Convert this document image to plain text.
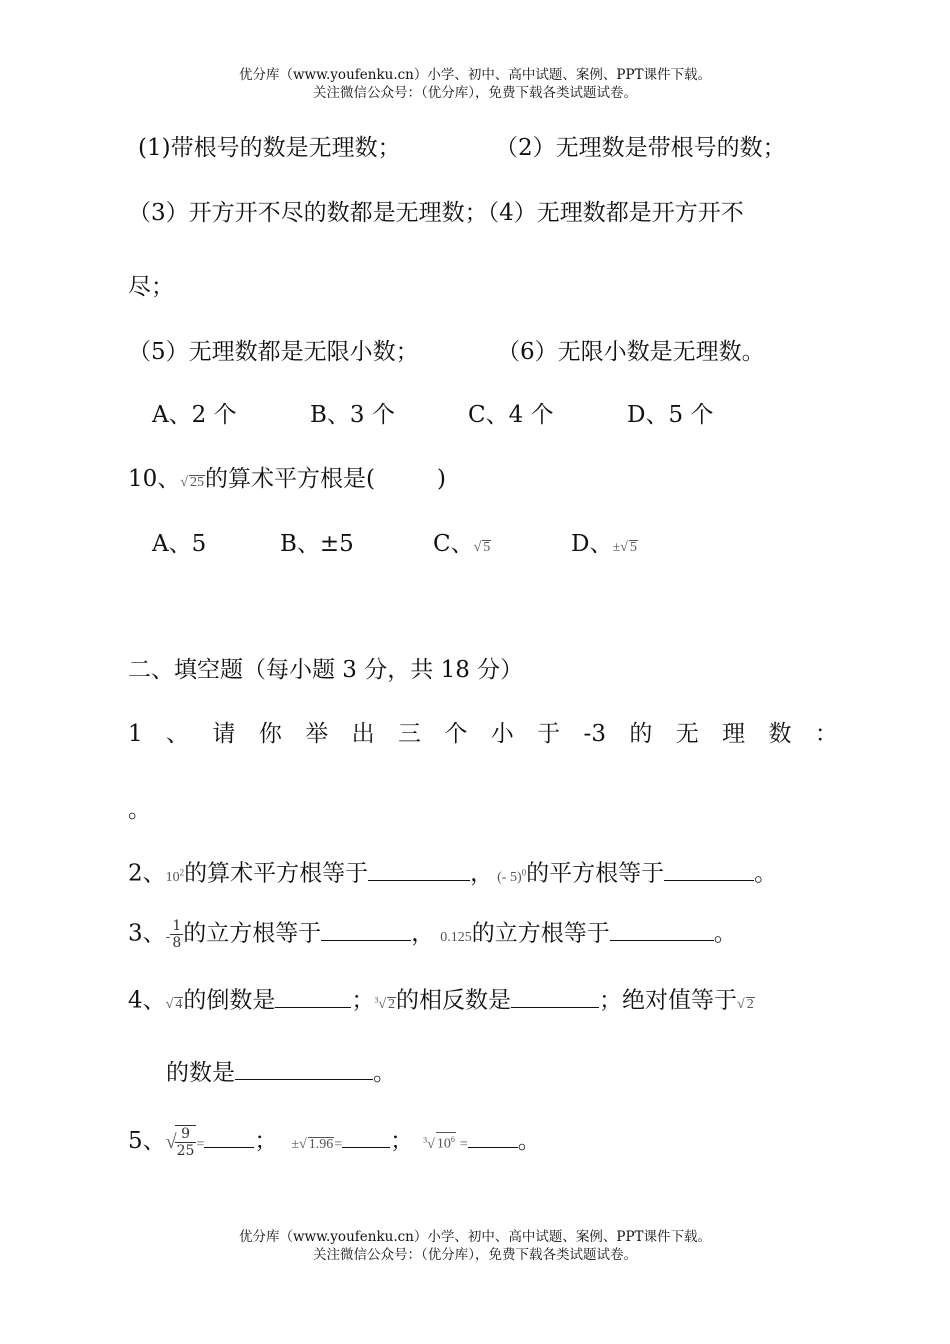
优分库（www.youfenku.cn）小学、初中、高中试题、案例、PPT课件下载。
关注微信公众号：（优分库），免费下载各类试题试卷。
(1)带根号的数是无理数；	（2）无理数是带根号的数；
（3）开方开不尽的数都是无理数；（4）无理数都是开方开不
尽；
（5）无理数都是无限小数；	（6）无限小数是无理数。
A、2 个	B、3 个	C、4 个	D、5 个
10、√ 25的算术平方根是(	)
A、5	B、±5	C、√ 5	D、±√ 5
二、填空题（每小题 3 分，共 18 分）
1 、 请 你 举 出 三 个 小 于 -3 的 无 理 数 ：
。
2、$10^2$的算术平方根等于	， (- 5)$^0$的平方根等于	。
3、- $\frac{1}{8}$ 的立方根等于	， 0.125的立方根等于	。
4、√ 4的倒数是	；$^3$√ 2的相反数是	；绝对值等于√ 2
的数是	。
5、√
$\frac{9}{25}$ = ； ±√ 1.96= ； $^3$√ $10^6$ = 。
优分库（www.youfenku.cn）小学、初中、高中试题、案例、PPT课件下载。
关注微信公众号：（优分库），免费下载各类试题试卷。
